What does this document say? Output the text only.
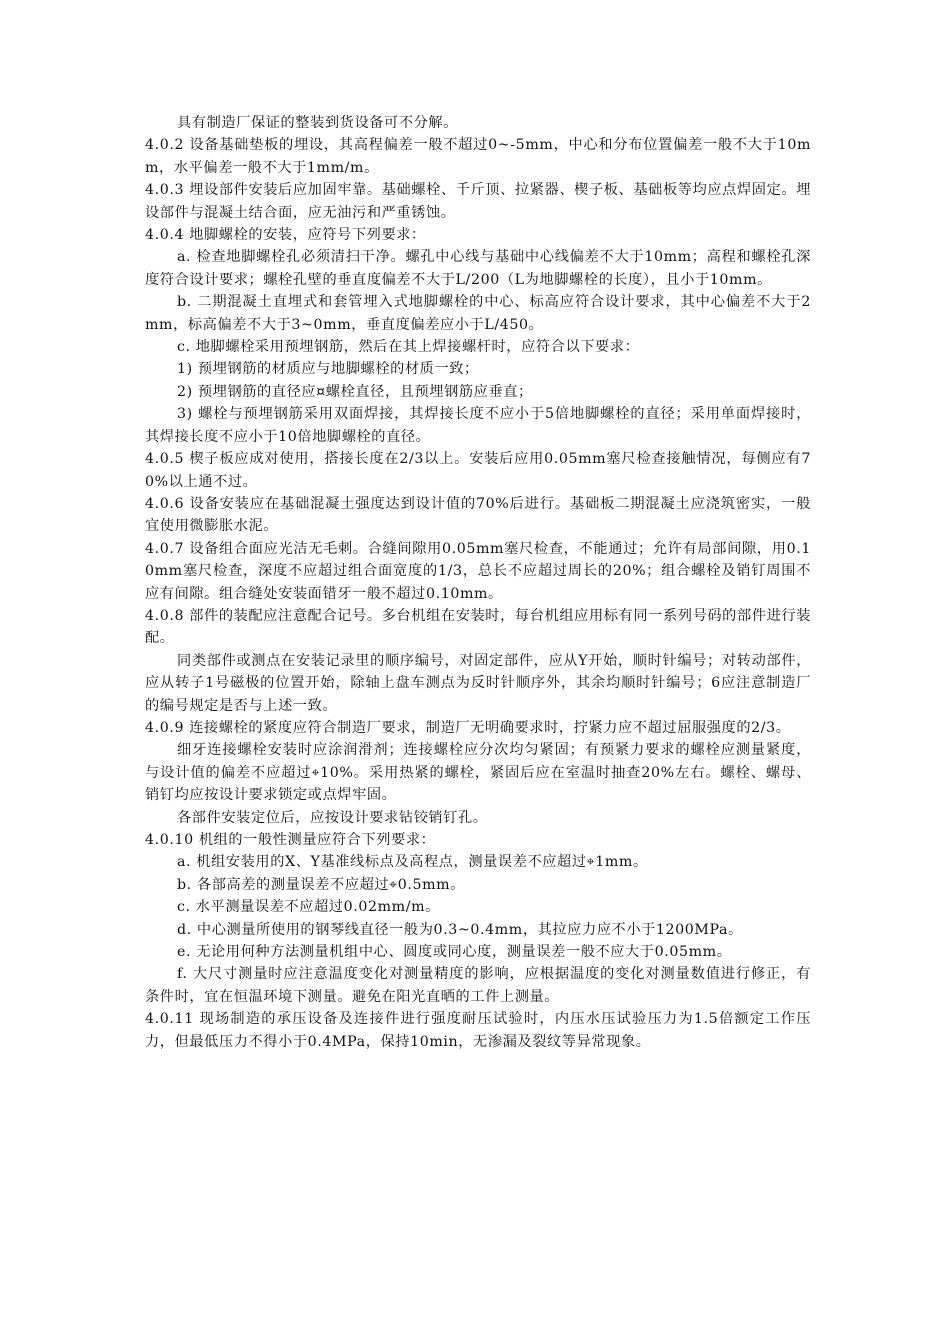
具有制造厂保证的整装到货设备可不分解。

4.0.2 设备基础垫板的埋设，其高程偏差一般不超过0~-5mm，中心和分布位置偏差一般不大于10mm，水平偏差一般不大于1mm/m。

4.0.3 埋设部件安装后应加固牢靠。基础螺栓、千斤顶、拉紧器、楔子板、基础板等均应点焊固定。埋设部件与混凝土结合面，应无油污和严重锈蚀。

4.0.4 地脚螺栓的安装，应符号下列要求：

a. 检查地脚螺栓孔必须清扫干净。螺孔中心线与基础中心线偏差不大于10mm；高程和螺栓孔深度符合设计要求；螺栓孔壁的垂直度偏差不大于L/200（L为地脚螺栓的长度），且小于10mm。

b. 二期混凝土直埋式和套管埋入式地脚螺栓的中心、标高应符合设计要求，其中心偏差不大于2mm，标高偏差不大于3~0mm，垂直度偏差应小于L/450。

c. 地脚螺栓采用预埋钢筋，然后在其上焊接螺杆时，应符合以下要求：

1) 预埋钢筋的材质应与地脚螺栓的材质一致；

2) 预埋钢筋的直径应¤螺栓直径，且预埋钢筋应垂直；

3) 螺栓与预埋钢筋采用双面焊接，其焊接长度不应小于5倍地脚螺栓的直径；采用单面焊接时，其焊接长度不应小于10倍地脚螺栓的直径。

4.0.5 楔子板应成对使用，搭接长度在2/3以上。安装后应用0.05mm塞尺检查接触情况，每侧应有70%以上通不过。

4.0.6 设备安装应在基础混凝土强度达到设计值的70%后进行。基础板二期混凝土应浇筑密实，一般宜使用微膨胀水泥。

4.0.7 设备组合面应光洁无毛刺。合缝间隙用0.05mm塞尺检查，不能通过；允许有局部间隙，用0.10mm塞尺检查，深度不应超过组合面宽度的1/3，总长不应超过周长的20%；组合螺栓及销钉周围不应有间隙。组合缝处安装面错牙一般不超过0.10mm。

4.0.8 部件的装配应注意配合记号。多台机组在安装时，每台机组应用标有同一系列号码的部件进行装配。

同类部件或测点在安装记录里的顺序编号，对固定部件，应从Y开始，顺时针编号；对转动部件，应从转子1号磁极的位置开始，除轴上盘车测点为反时针顺序外，其余均顺时针编号；6应注意制造厂的编号规定是否与上述一致。

4.0.9 连接螺栓的紧度应符合制造厂要求，制造厂无明确要求时，拧紧力应不超过屈服强度的2/3。

细牙连接螺栓安装时应涂润滑剂；连接螺栓应分次均匀紧固；有预紧力要求的螺栓应测量紧度，与设计值的偏差不应超过⌖10%。采用热紧的螺栓，紧固后应在室温时抽查20%左右。螺栓、螺母、销钉均应按设计要求锁定或点焊牢固。

各部件安装定位后，应按设计要求钻铰销钉孔。

4.0.10 机组的一般性测量应符合下列要求：

a. 机组安装用的X、Y基准线标点及高程点，测量误差不应超过⌖1mm。

b. 各部高差的测量误差不应超过⌖0.5mm。

c. 水平测量误差不应超过0.02mm/m。

d. 中心测量所使用的钢琴线直径一般为0.3~0.4mm，其拉应力应不小于1200MPa。

e. 无论用何种方法测量机组中心、圆度或同心度，测量误差一般不应大于0.05mm。

f. 大尺寸测量时应注意温度变化对测量精度的影响，应根据温度的变化对测量数值进行修正，有条件时，宜在恒温环境下测量。避免在阳光直晒的工件上测量。

4.0.11 现场制造的承压设备及连接件进行强度耐压试验时，内压水压试验压力为1.5倍额定工作压力，但最低压力不得小于0.4MPa，保持10min，无渗漏及裂纹等异常现象。
